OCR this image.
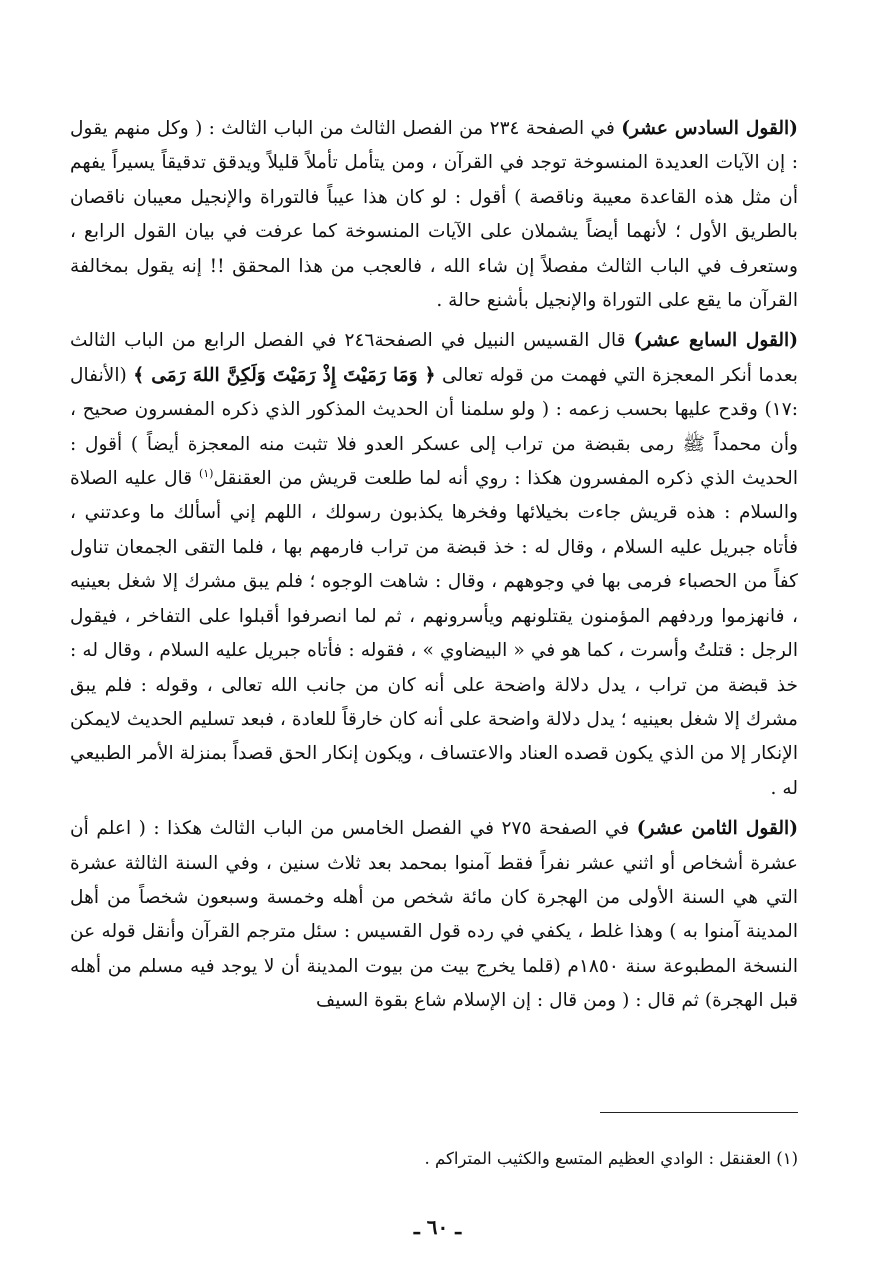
(القول السادس عشر) في الصفحة ٢٣٤ من الفصل الثالث من الباب الثالث : ( وكل منهم يقول : إن الآيات العديدة المنسوخة توجد في القرآن ، ومن يتأمل تأملاً قليلاً ويدقق تدقيقاً يسيراً يفهم أن مثل هذه القاعدة معيبة وناقصة ) أقول : لو كان هذا عيباً فالتوراة والإنجيل معيبان ناقصان بالطريق الأول ؛ لأنهما أيضاً يشملان على الآيات المنسوخة كما عرفت في بيان القول الرابع ، وستعرف في الباب الثالث مفصلاً إن شاء الله ، فالعجب من هذا المحقق !! إنه يقول بمخالفة القرآن ما يقع على التوراة والإنجيل بأشنع حالة .

(القول السابع عشر) قال القسيس النبيل في الصفحة٢٤٦ في الفصل الرابع من الباب الثالث بعدما أنكر المعجزة التي فهمت من قوله تعالى ﴿ وَمَا رَمَيْتَ إِذْ رَمَيْتَ وَلَكِنَّ اللهَ رَمَى ﴾ (الأنفال :١٧) وقدح عليها بحسب زعمه : ( ولو سلمنا أن الحديث المذكور الذي ذكره المفسرون صحيح ، وأن محمداً ﷺ رمى بقبضة من تراب إلى عسكر العدو فلا تثبت منه المعجزة أيضاً ) أقول : الحديث الذي ذكره المفسرون هكذا : روي أنه لما طلعت قريش من العقنقل$^{(١)}$ قال عليه الصلاة والسلام : هذه قريش جاءت بخيلائها وفخرها يكذبون رسولك ، اللهم إني أسألك ما وعدتني ، فأتاه جبريل عليه السلام ، وقال له : خذ قبضة من تراب فارمهم بها ، فلما التقى الجمعان تناول كفاً من الحصباء فرمى بها في وجوههم ، وقال : شاهت الوجوه ؛ فلم يبق مشرك إلا شغل بعينيه ، فانهزموا وردفهم المؤمنون يقتلونهم ويأسرونهم ، ثم لما انصرفوا أقبلوا على التفاخر ، فيقول الرجل : قتلتُ وأسرت ، كما هو في « البيضاوي » ، فقوله : فأتاه جبريل عليه السلام ، وقال له : خذ قبضة من تراب ، يدل دلالة واضحة على أنه كان من جانب الله تعالى ، وقوله : فلم يبق مشرك إلا شغل بعينيه ؛ يدل دلالة واضحة على أنه كان خارقاً للعادة ، فبعد تسليم الحديث لايمكن الإنكار إلا من الذي يكون قصده العناد والاعتساف ، ويكون إنكار الحق قصداً بمنزلة الأمر الطبيعي له .

(القول الثامن عشر) في الصفحة ٢٧٥ في الفصل الخامس من الباب الثالث هكذا : ( اعلم أن عشرة أشخاص أو اثني عشر نفراً فقط آمنوا بمحمد بعد ثلاث سنين ، وفي السنة الثالثة عشرة التي هي السنة الأولى من الهجرة كان مائة شخص من أهله وخمسة وسبعون شخصاً من أهل المدينة آمنوا به ) وهذا غلط ، يكفي في رده قول القسيس : سئل مترجم القرآن وأنقل قوله عن النسخة المطبوعة سنة ١٨٥٠م (قلما يخرج بيت من بيوت المدينة أن لا يوجد فيه مسلم من أهله قبل الهجرة) ثم قال : ( ومن قال : إن الإسلام شاع بقوة السيف

(١) العقنقل : الوادي العظيم المتسع والكثيب المتراكم .
ـ ٦٠ ـ
